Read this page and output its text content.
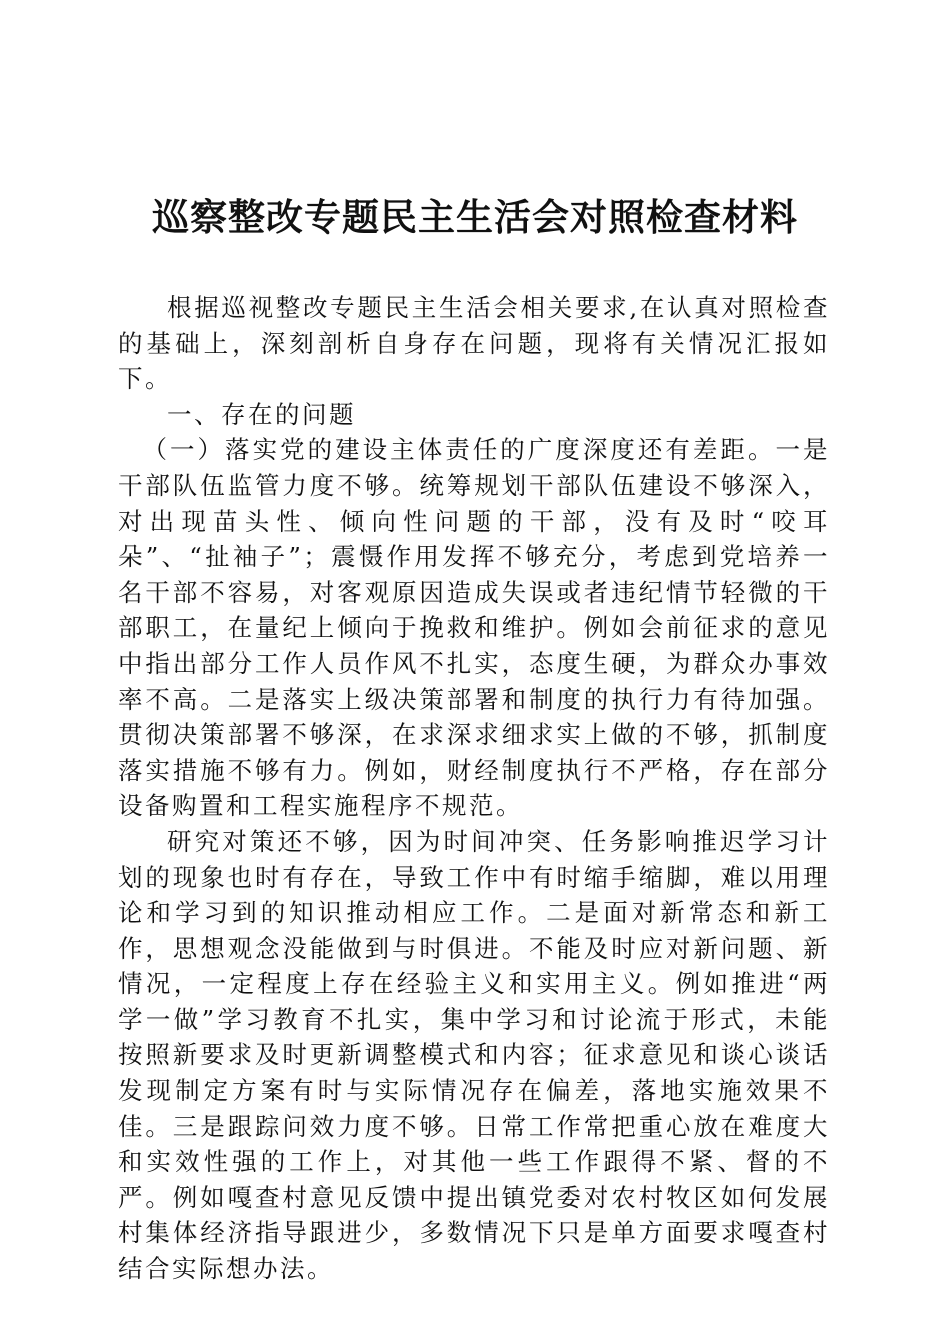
巡察整改专题民主生活会对照检查材料

根据巡视整改专题民主生活会相关要求,在认真对照检查的基础上，深刻剖析自身存在问题，现将有关情况汇报如下。

一、存在的问题

（一）落实党的建设主体责任的广度深度还有差距。一是干部队伍监管力度不够。统筹规划干部队伍建设不够深入，对出现苗头性、倾向性问题的干部，没有及时“咬耳朵”、“扯袖子”；震慑作用发挥不够充分，考虑到党培养一名干部不容易，对客观原因造成失误或者违纪情节轻微的干部职工，在量纪上倾向于挽救和维护。例如会前征求的意见中指出部分工作人员作风不扎实，态度生硬，为群众办事效率不高。二是落实上级决策部署和制度的执行力有待加强。贯彻决策部署不够深，在求深求细求实上做的不够，抓制度落实措施不够有力。例如，财经制度执行不严格，存在部分设备购置和工程实施程序不规范。

研究对策还不够，因为时间冲突、任务影响推迟学习计划的现象也时有存在，导致工作中有时缩手缩脚，难以用理论和学习到的知识推动相应工作。二是面对新常态和新工作，思想观念没能做到与时俱进。不能及时应对新问题、新情况，一定程度上存在经验主义和实用主义。例如推进“两学一做”学习教育不扎实，集中学习和讨论流于形式，未能按照新要求及时更新调整模式和内容；征求意见和谈心谈话发现制定方案有时与实际情况存在偏差，落地实施效果不佳。三是跟踪问效力度不够。日常工作常把重心放在难度大和实效性强的工作上，对其他一些工作跟得不紧、督的不严。例如嘎查村意见反馈中提出镇党委对农村牧区如何发展村集体经济指导跟进少，多数情况下只是单方面要求嘎查村结合实际想办法。
